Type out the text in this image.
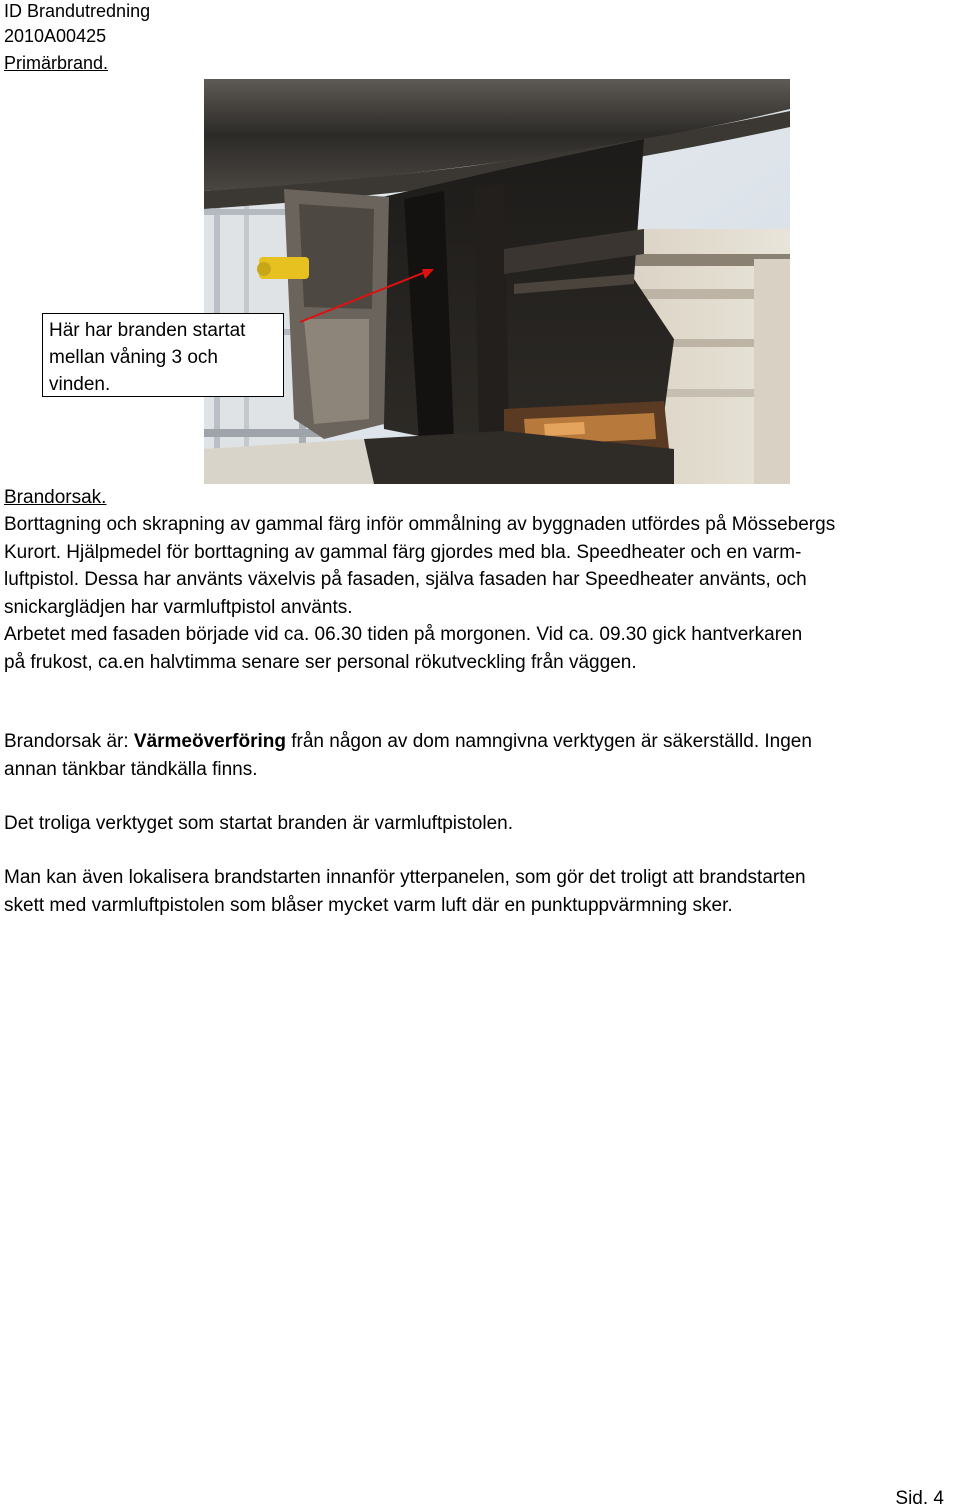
ID Brandutredning
2010A00425
Primärbrand.
Här har branden startat
mellan våning 3 och
vinden.
Brandorsak.
Borttagning och skrapning av gammal färg inför ommålning av byggnaden utfördes på Mössebergs
Kurort. Hjälpmedel för borttagning av gammal färg gjordes med bla. Speedheater och en varm-
luftpistol. Dessa har använts växelvis på fasaden, själva fasaden har Speedheater använts, och
snickarglädjen har varmluftpistol använts.
Arbetet med fasaden började vid ca. 06.30 tiden på morgonen. Vid ca. 09.30 gick hantverkaren
på frukost, ca.en halvtimma senare ser personal rökutveckling från väggen.
Brandorsak är: Värmeöverföring från någon av dom namngivna verktygen är säkerställd. Ingen
annan tänkbar tändkälla finns.
Det troliga verktyget som startat branden är varmluftpistolen.
Man kan även lokalisera brandstarten innanför ytterpanelen, som gör det troligt att brandstarten
skett med varmluftpistolen som blåser mycket varm luft där en punktuppvärmning sker.
Sid. 4
